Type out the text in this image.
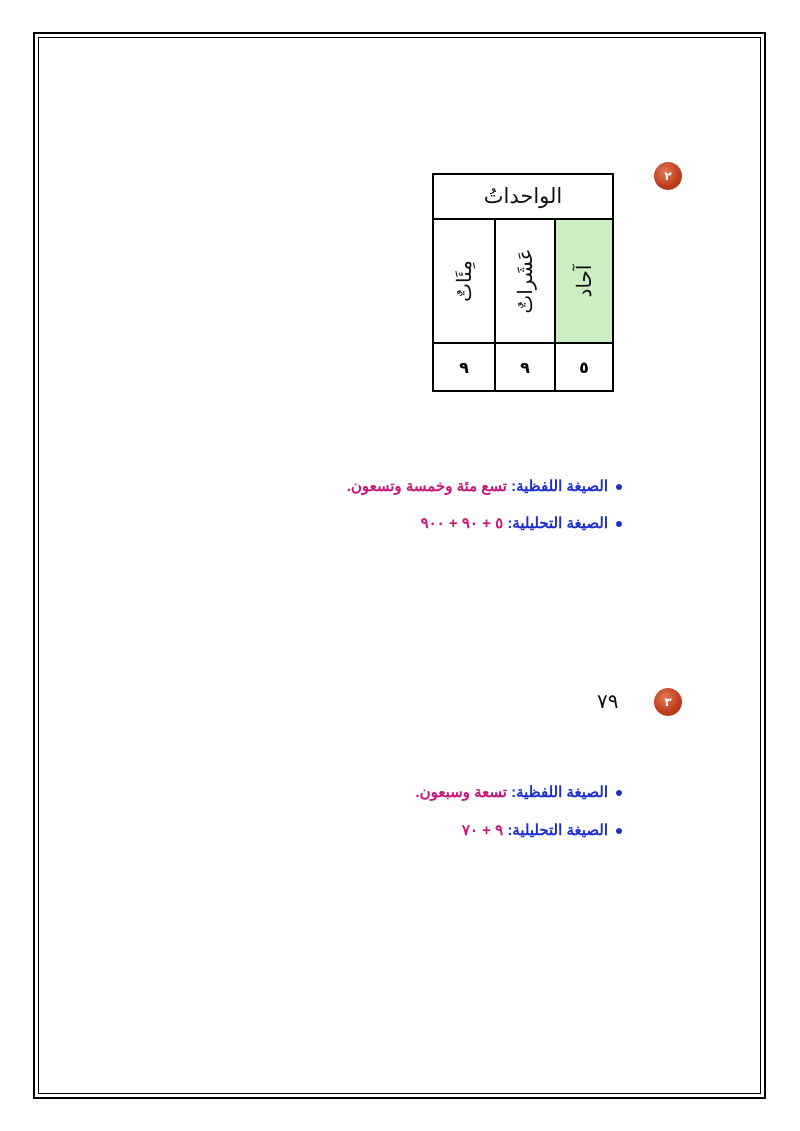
٢
الواحداتُ
مِئَاتٌ عَشَراتٌ آحاد
٩	٩	٥
الصيغة اللفظية: تسع مئة وخمسة وتسعون.
الصيغة التحليلية: ٥ + ٩٠ + ٩٠٠
٣
٧٩
الصيغة اللفظية: تسعة وسبعون.
الصيغة التحليلية: ٩ + ٧٠
